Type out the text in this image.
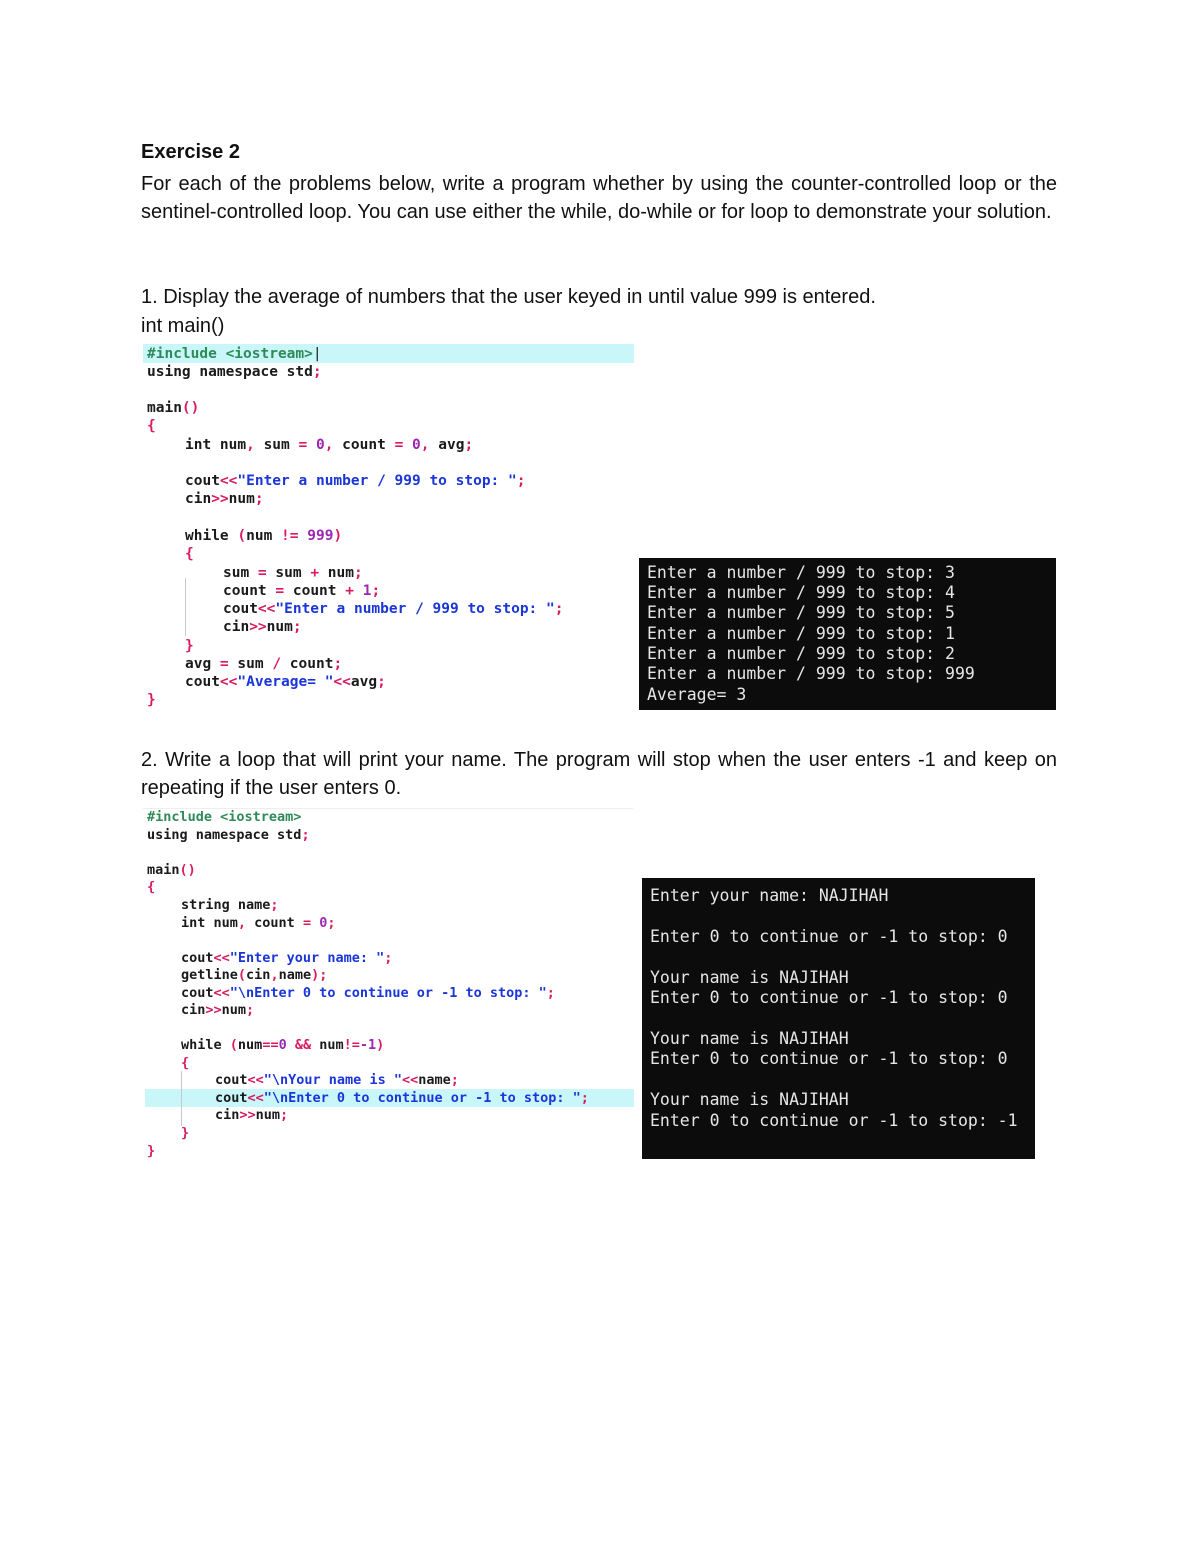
Exercise 2
For each of the problems below, write a program whether by using the counter-controlled loop or the sentinel-controlled loop. You can use either the while, do-while or for loop to demonstrate your solution.
1. Display the average of numbers that the user keyed in until value 999 is entered.
int main()

#include <iostream>|

using namespace std;

main()

{

int num, sum = 0, count = 0, avg;

cout<<"Enter a number / 999 to stop: ";

cin>>num;

while (num != 999)

{

sum = sum + num;

count = count + 1;

cout<<"Enter a number / 999 to stop: ";

cin>>num;

}

avg = sum / count;

cout<<"Average= "<<avg;

}

Enter a number / 999 to stop: 3

Enter a number / 999 to stop: 4

Enter a number / 999 to stop: 5

Enter a number / 999 to stop: 1

Enter a number / 999 to stop: 2

Enter a number / 999 to stop: 999

Average= 3

2. Write a loop that will print your name. The program will stop when the user enters -1 and keep on repeating if the user enters 0.

#include <iostream>

using namespace std;

main()

{

string name;

int num, count = 0;

cout<<"Enter your name: ";

getline(cin,name);

cout<<"\nEnter 0 to continue or -1 to stop: ";

cin>>num;

while (num==0 && num!=-1)

{

cout<<"\nYour name is "<<name;

cout<<"\nEnter 0 to continue or -1 to stop: ";

cin>>num;

}

}

Enter your name: NAJIHAH

Enter 0 to continue or -1 to stop: 0

Your name is NAJIHAH

Enter 0 to continue or -1 to stop: 0

Your name is NAJIHAH

Enter 0 to continue or -1 to stop: 0

Your name is NAJIHAH

Enter 0 to continue or -1 to stop: -1
